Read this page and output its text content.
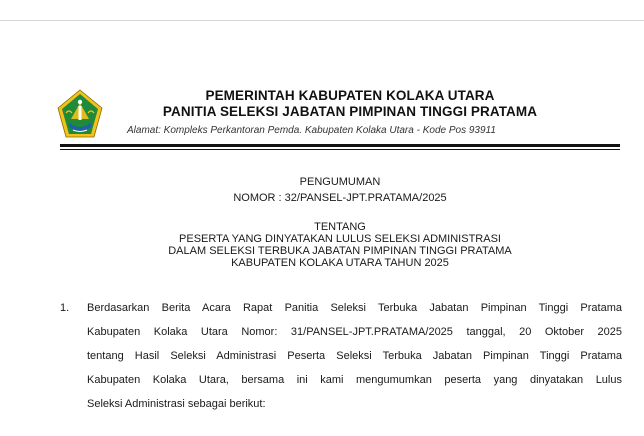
PEMERINTAH KABUPATEN KOLAKA UTARA
PANITIA SELEKSI JABATAN PIMPINAN TINGGI PRATAMA
Alamat: Kompleks Perkantoran Pemda. Kabupaten Kolaka Utara - Kode Pos 93911
PENGUMUMAN
NOMOR : 32/PANSEL-JPT.PRATAMA/2025
TENTANG
PESERTA YANG DINYATAKAN LULUS SELEKSI ADMINISTRASI
DALAM SELEKSI TERBUKA JABATAN PIMPINAN TINGGI PRATAMA
KABUPATEN KOLAKA UTARA TAHUN 2025
1. Berdasarkan Berita Acara Rapat Panitia Seleksi Terbuka Jabatan Pimpinan Tinggi Pratama
Kabupaten Kolaka Utara Nomor: 31/PANSEL-JPT.PRATAMA/2025 tanggal, 20 Oktober 2025
tentang Hasil Seleksi Administrasi Peserta Seleksi Terbuka Jabatan Pimpinan Tinggi Pratama
Kabupaten Kolaka Utara, bersama ini kami mengumumkan peserta yang dinyatakan Lulus
Seleksi Administrasi sebagai berikut:
